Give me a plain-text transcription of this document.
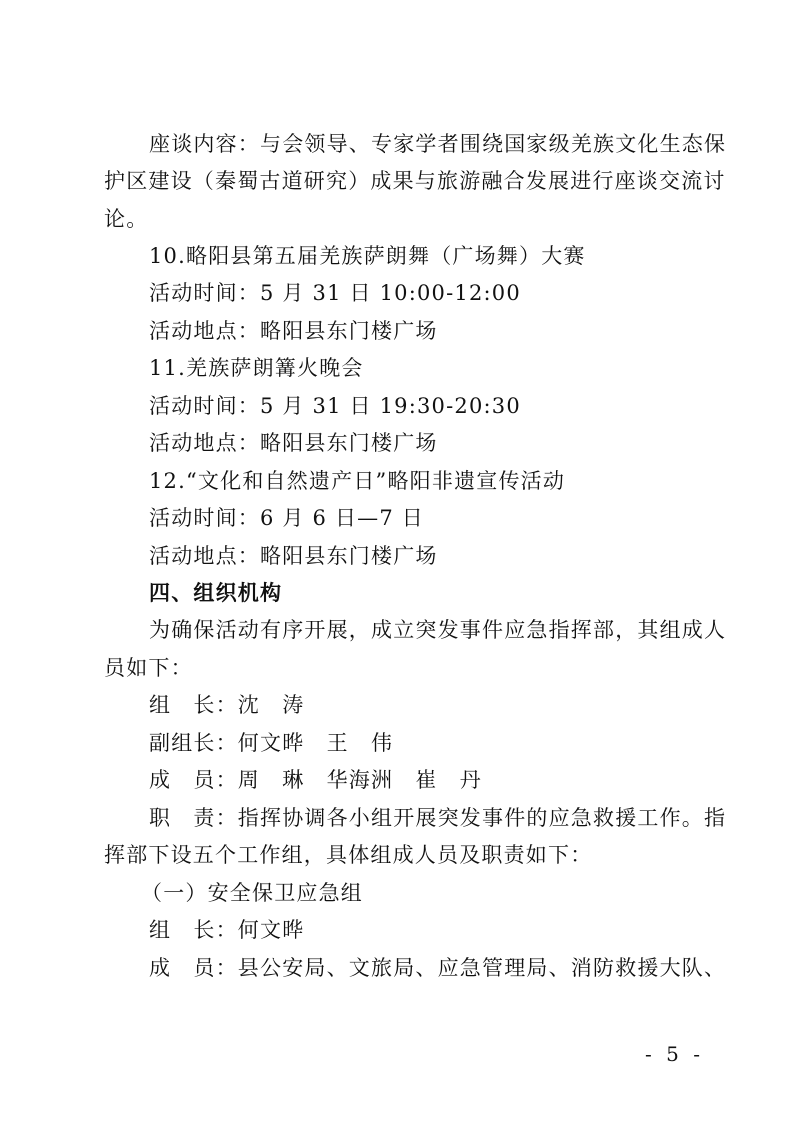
座谈内容：与会领导、专家学者围绕国家级羌族文化生态保
护区建设（秦蜀古道研究）成果与旅游融合发展进行座谈交流讨
论。
10.略阳县第五届羌族萨朗舞（广场舞）大赛
活动时间：5 月 31 日 10:00-12:00
活动地点：略阳县东门楼广场
11.羌族萨朗篝火晚会
活动时间：5 月 31 日 19:30-20:30
活动地点：略阳县东门楼广场
12.“文化和自然遗产日”略阳非遗宣传活动
活动时间：6 月 6 日—7 日
活动地点：略阳县东门楼广场
四、组织机构
为确保活动有序开展，成立突发事件应急指挥部，其组成人
员如下：
组　长：沈　涛
副组长：何文晔　王　伟
成　员：周　琳　华海洲　崔　丹
职　责：指挥协调各小组开展突发事件的应急救援工作。指
挥部下设五个工作组，具体组成人员及职责如下：
（一）安全保卫应急组
组　长：何文晔
成　员：县公安局、文旅局、应急管理局、消防救援大队、
- 5 -
